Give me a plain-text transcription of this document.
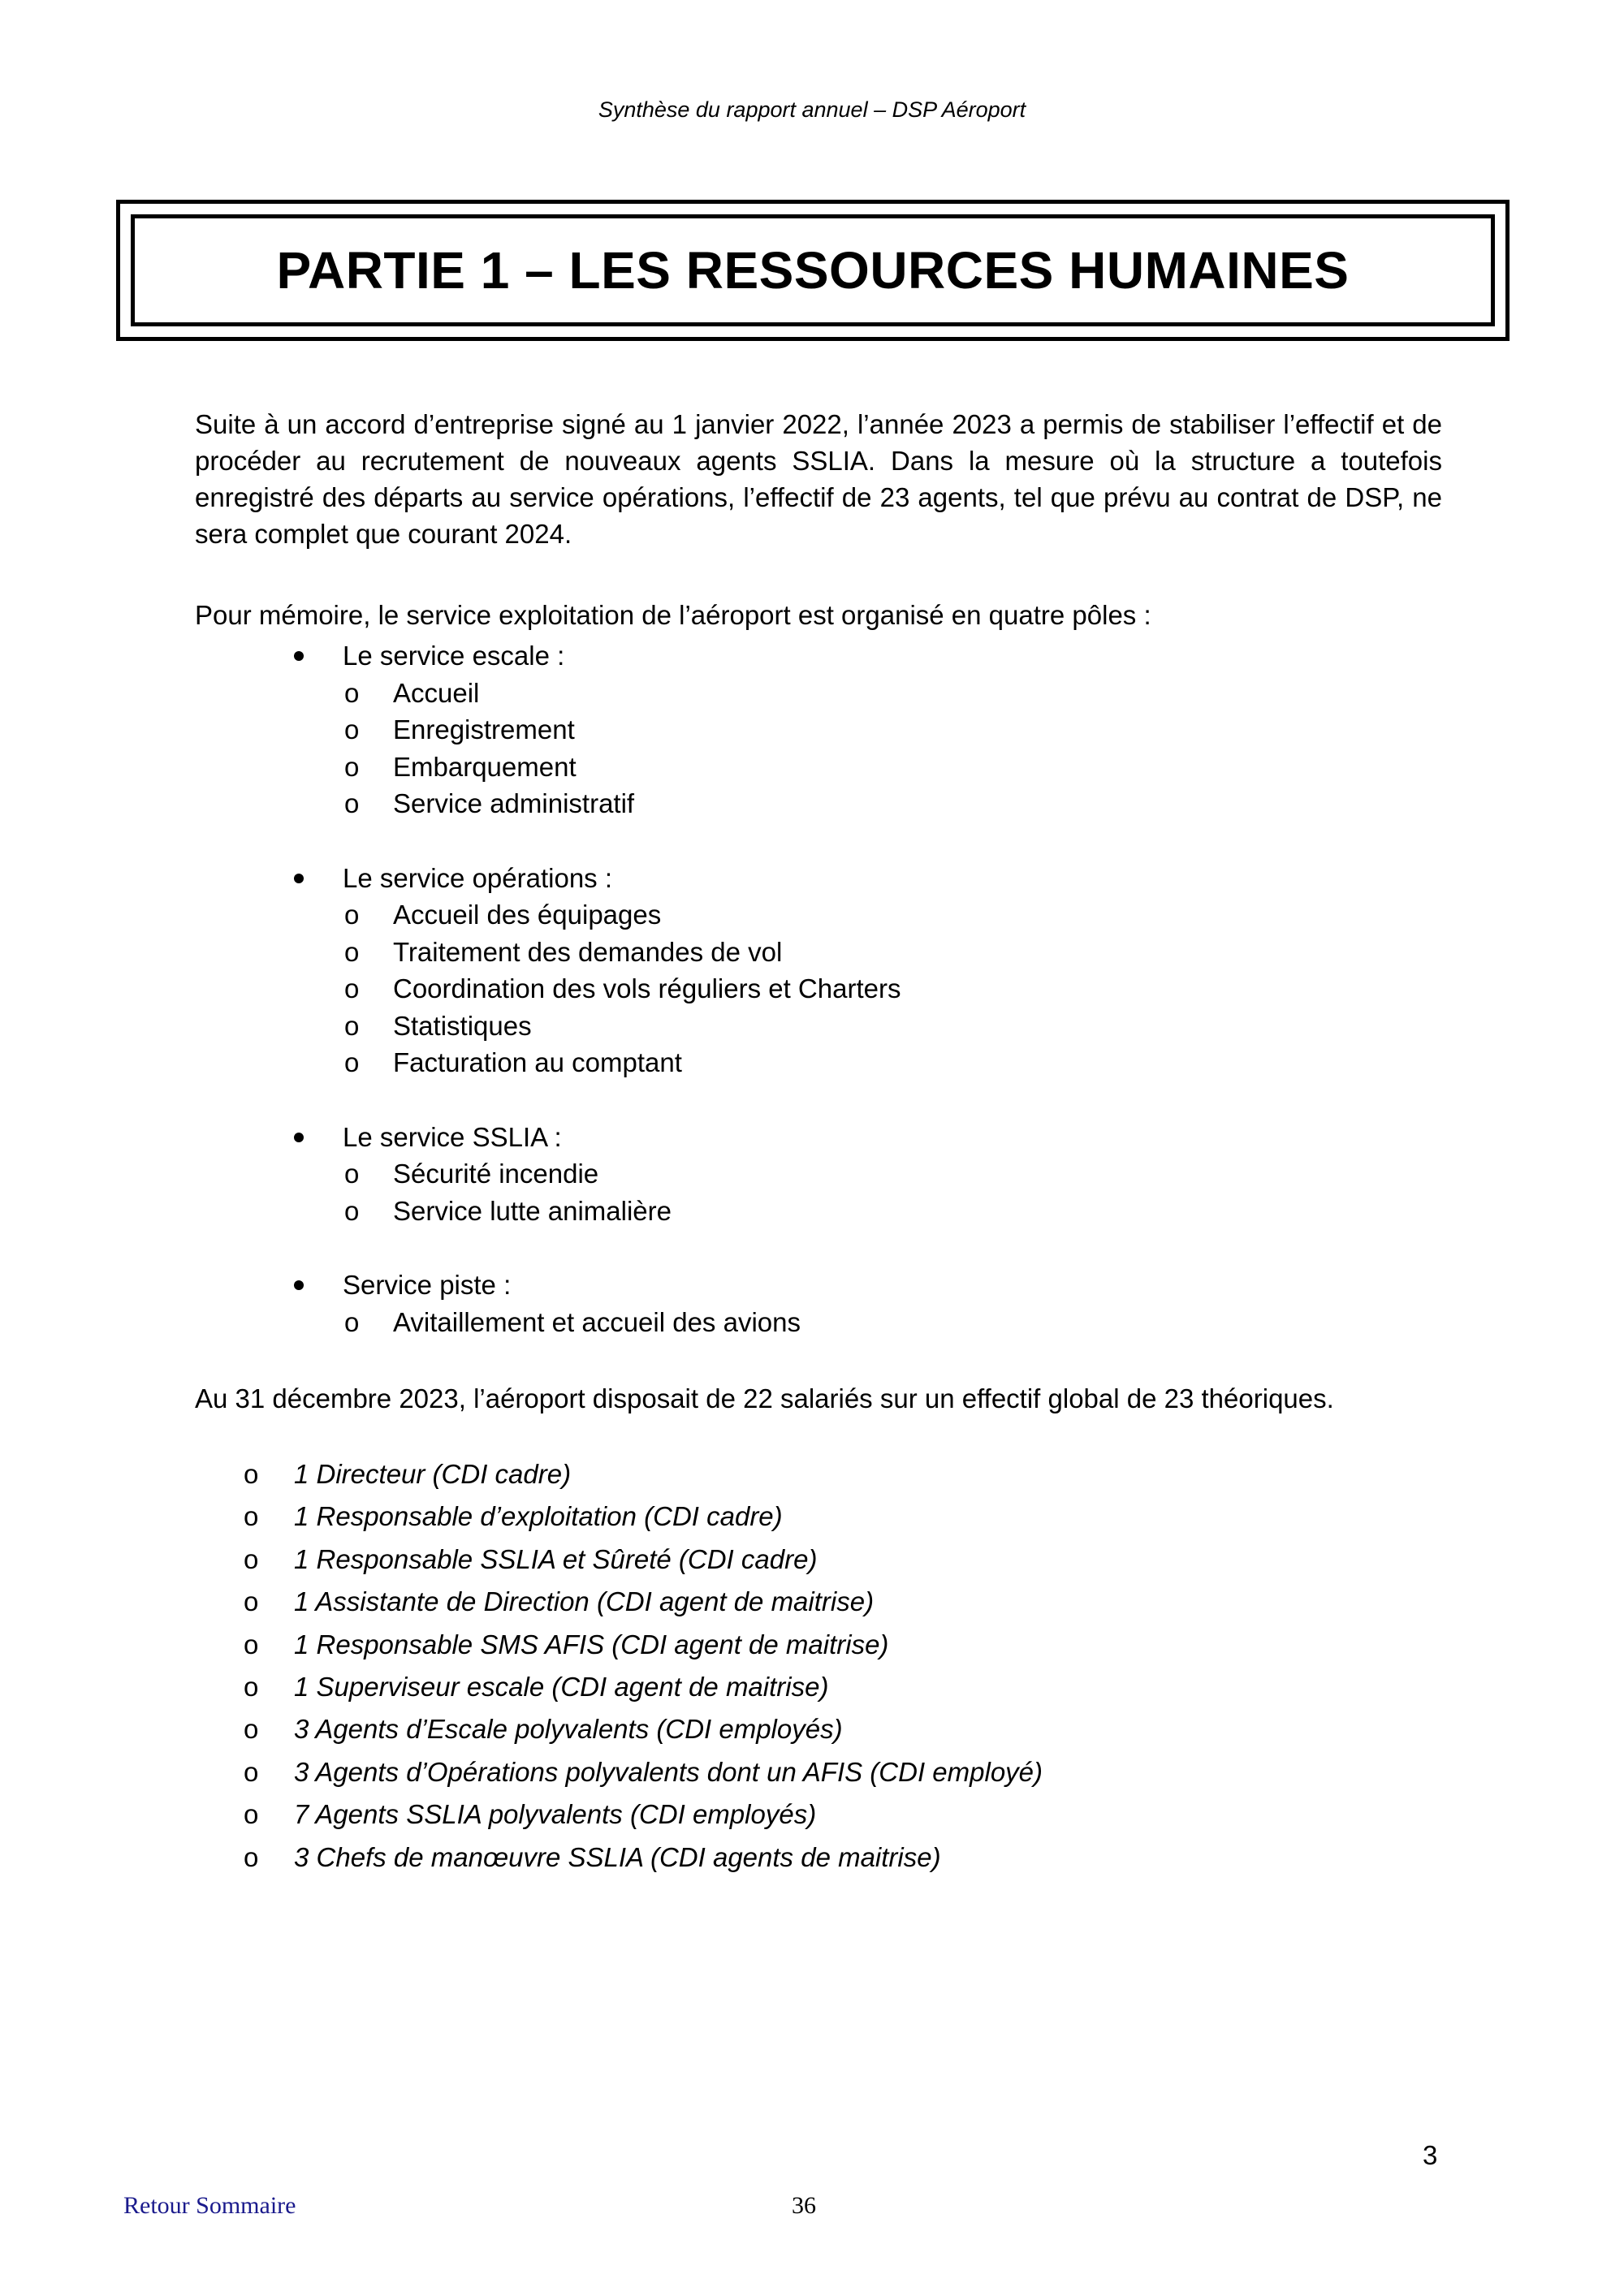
Synthèse du rapport annuel – DSP Aéroport
PARTIE 1 – LES RESSOURCES HUMAINES
Suite à un accord d’entreprise signé au 1 janvier 2022, l’année 2023 a permis de stabiliser l’effectif et de procéder au recrutement de nouveaux agents SSLIA. Dans la mesure où la structure a toutefois enregistré des départs au service opérations, l’effectif de 23 agents, tel que prévu au contrat de DSP, ne sera complet que courant 2024.
Pour mémoire, le service exploitation de l’aéroport est organisé en quatre pôles :
Le service escale :
o Accueil
o Enregistrement
o Embarquement
o Service administratif
Le service opérations :
o Accueil des équipages
o Traitement des demandes de vol
o Coordination des vols réguliers et Charters
o Statistiques
o Facturation au comptant
Le service SSLIA :
o Sécurité incendie
o Service lutte animalière
Service piste :
o Avitaillement et accueil des avions
Au 31 décembre 2023, l’aéroport disposait de 22 salariés sur un effectif global de 23 théoriques.
o 1 Directeur (CDI cadre)
o 1 Responsable d’exploitation (CDI cadre)
o 1 Responsable SSLIA et Sûreté (CDI cadre)
o 1 Assistante de Direction (CDI agent de maitrise)
o 1 Responsable SMS AFIS (CDI agent de maitrise)
o 1 Superviseur escale (CDI agent de maitrise)
o 3 Agents d’Escale polyvalents (CDI employés)
o 3 Agents d’Opérations polyvalents dont un AFIS (CDI employé)
o 7 Agents SSLIA polyvalents (CDI employés)
o 3 Chefs de manœuvre SSLIA (CDI agents de maitrise)
3
Retour Sommaire	36
